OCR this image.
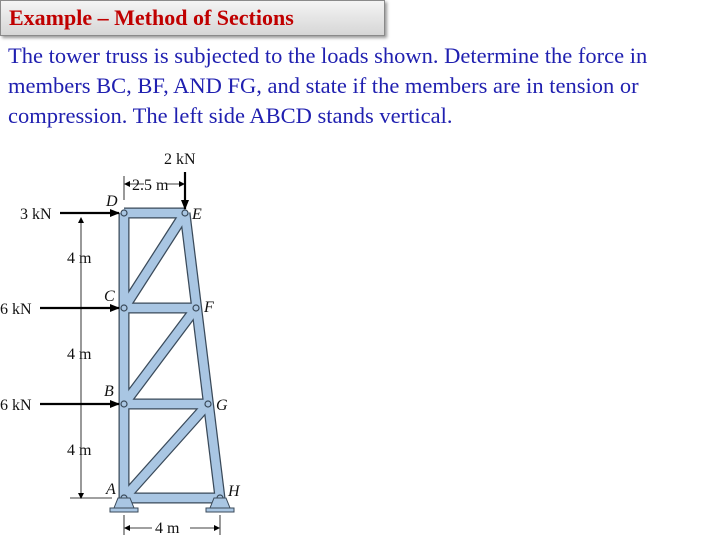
Example – Method of Sections
The tower truss is subjected to the loads shown. Determine the force in members BC, BF, AND FG, and state if the members are in tension or compression. The left side ABCD stands vertical.
2 kN
3 kN
6 kN
6 kN
2.5 m
4 m
4 m
4 m
4 m
D
E
C
F
B
G
A	H
